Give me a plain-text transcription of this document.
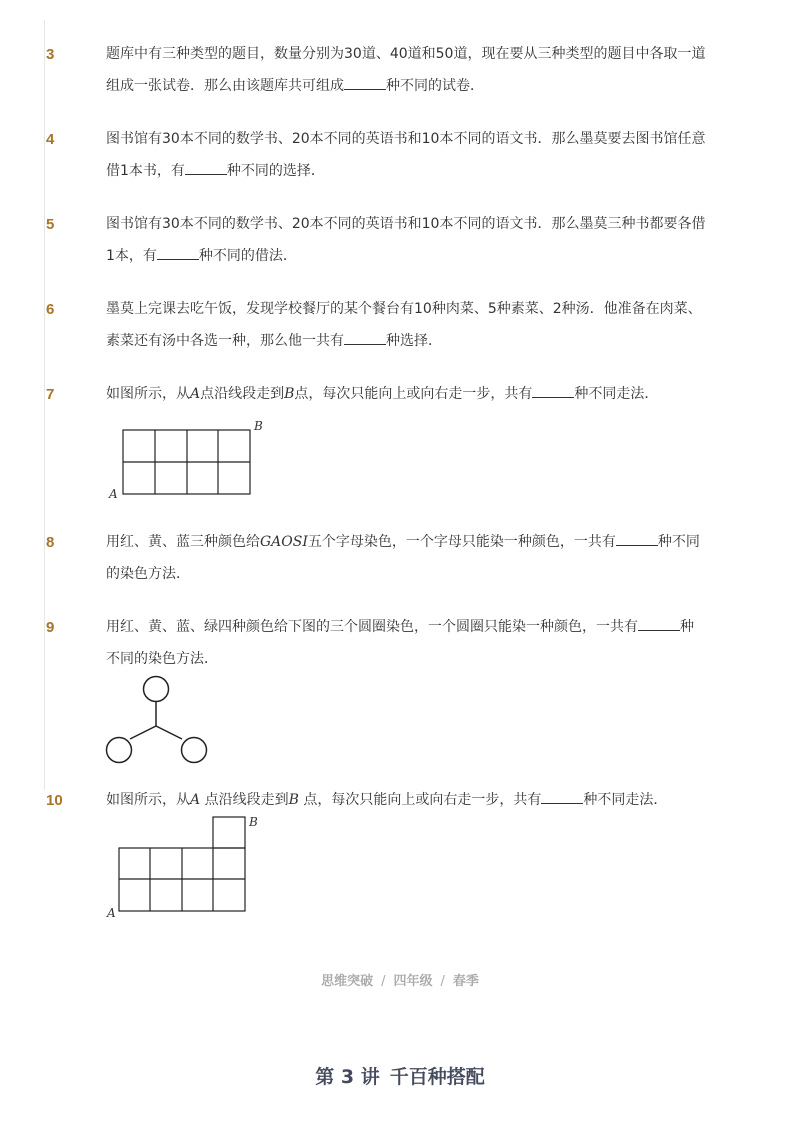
3	题库中有三种类型的题目，数量分别为30道、40道和50道，现在要从三种类型的题目中各取一道
组成一张试卷．那么由该题库共可组成	种不同的试卷．
4	图书馆有30本不同的数学书、20本不同的英语书和10本不同的语文书．那么墨莫要去图书馆任意
借1本书，有	种不同的选择．
5	图书馆有30本不同的数学书、20本不同的英语书和10本不同的语文书．那么墨莫三种书都要各借
1本，有	种不同的借法．
6	墨莫上完课去吃午饭，发现学校餐厅的某个餐台有10种肉菜、5种素菜、2种汤．他准备在肉菜、
素菜还有汤中各选一种，那么他一共有	种选择．
7	如图所示，从A点沿线段走到B点，每次只能向上或向右走一步，共有	种不同走法．
A
B
8	用红、黄、蓝三种颜色给GAOSI五个字母染色，一个字母只能染一种颜色，一共有	种不同
的染色方法．
9	用红、黄、蓝、绿四种颜色给下图的三个圆圈染色，一个圆圈只能染一种颜色，一共有	种
不同的染色方法．
10	如图所示，从A 点沿线段走到B 点，每次只能向上或向右走一步，共有	种不同走法．
A
B
思维突破 / 四年级 / 春季
第 3 讲 千百种搭配
